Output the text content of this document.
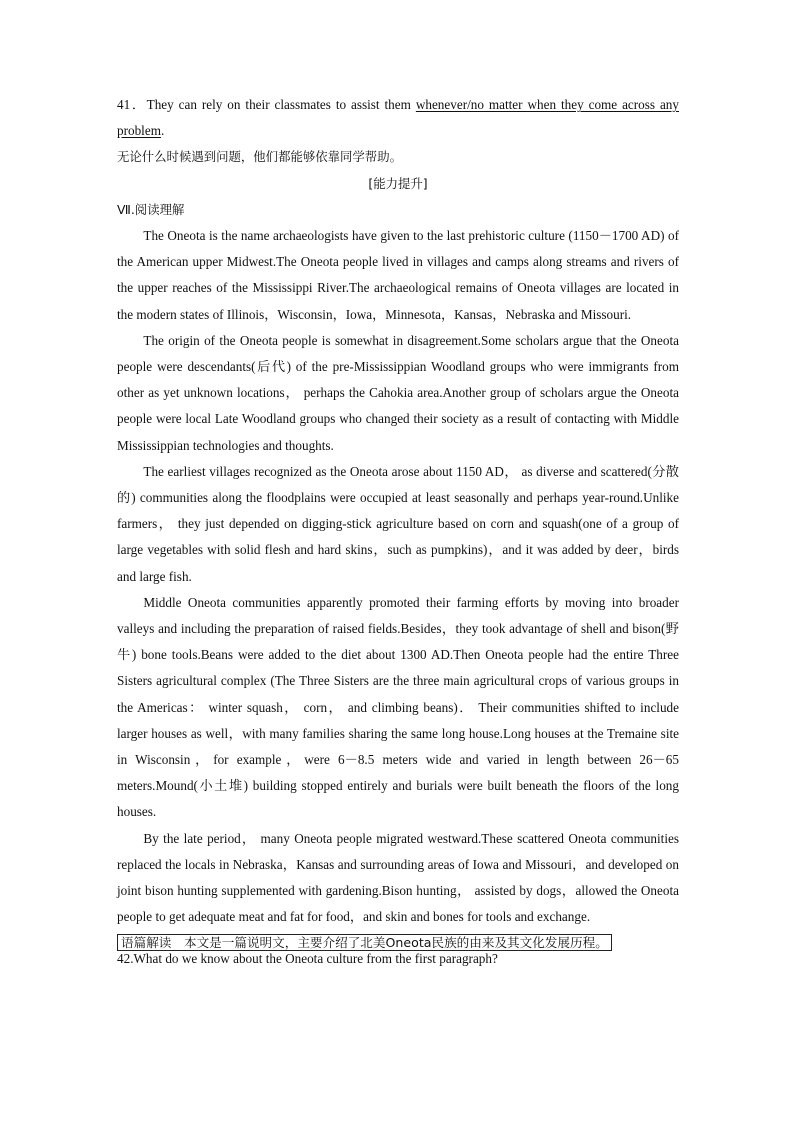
41．They can rely on their classmates to assist them whenever/no matter when they come across any problem.

无论什么时候遇到问题，他们都能够依靠同学帮助。

[能力提升]

Ⅶ.阅读理解

The Oneota is the name archaeologists have given to the last prehistoric culture (1150－1700 AD) of the American upper Midwest.The Oneota people lived in villages and camps along streams and rivers of the upper reaches of the Mississippi River.The archaeological remains of Oneota villages are located in the modern states of Illinois，Wisconsin，Iowa，Minnesota，Kansas，Nebraska and Missouri.

The origin of the Oneota people is somewhat in disagreement.Some scholars argue that the Oneota people were descendants(后代) of the pre-Mississippian Woodland groups who were immigrants from other as yet unknown locations， perhaps the Cahokia area.Another group of scholars argue the Oneota people were local Late Woodland groups who changed their society as a result of contacting with Middle Mississippian technologies and thoughts.

The earliest villages recognized as the Oneota arose about 1150 AD， as diverse and scattered(分散的) communities along the floodplains were occupied at least seasonally and perhaps year-round.Unlike farmers， they just depended on digging-stick agriculture based on corn and squash(one of a group of large vegetables with solid flesh and hard skins，such as pumpkins)，and it was added by deer，birds and large fish.

Middle Oneota communities apparently promoted their farming efforts by moving into broader valleys and including the preparation of raised fields.Besides，they took advantage of shell and bison(野牛) bone tools.Beans were added to the diet about 1300 AD.Then Oneota people had the entire Three Sisters agricultural complex (The Three Sisters are the three main agricultural crops of various groups in the Americas： winter squash， corn， and climbing beans)． Their communities shifted to include larger houses as well，with many families sharing the same long house.Long houses at the Tremaine site in Wisconsin，for example，were 6－8.5 meters wide and varied in length between 26－65 meters.Mound(小土堆) building stopped entirely and burials were built beneath the floors of the long houses.

By the late period， many Oneota people migrated westward.These scattered Oneota communities replaced the locals in Nebraska，Kansas and surrounding areas of Iowa and Missouri，and developed on joint bison hunting supplemented with gardening.Bison hunting， assisted by dogs，allowed the Oneota people to get adequate meat and fat for food，and skin and bones for tools and exchange.

语篇解读　本文是一篇说明文，主要介绍了北美Oneota民族的由来及其文化发展历程。

42.What do we know about the Oneota culture from the first paragraph?
